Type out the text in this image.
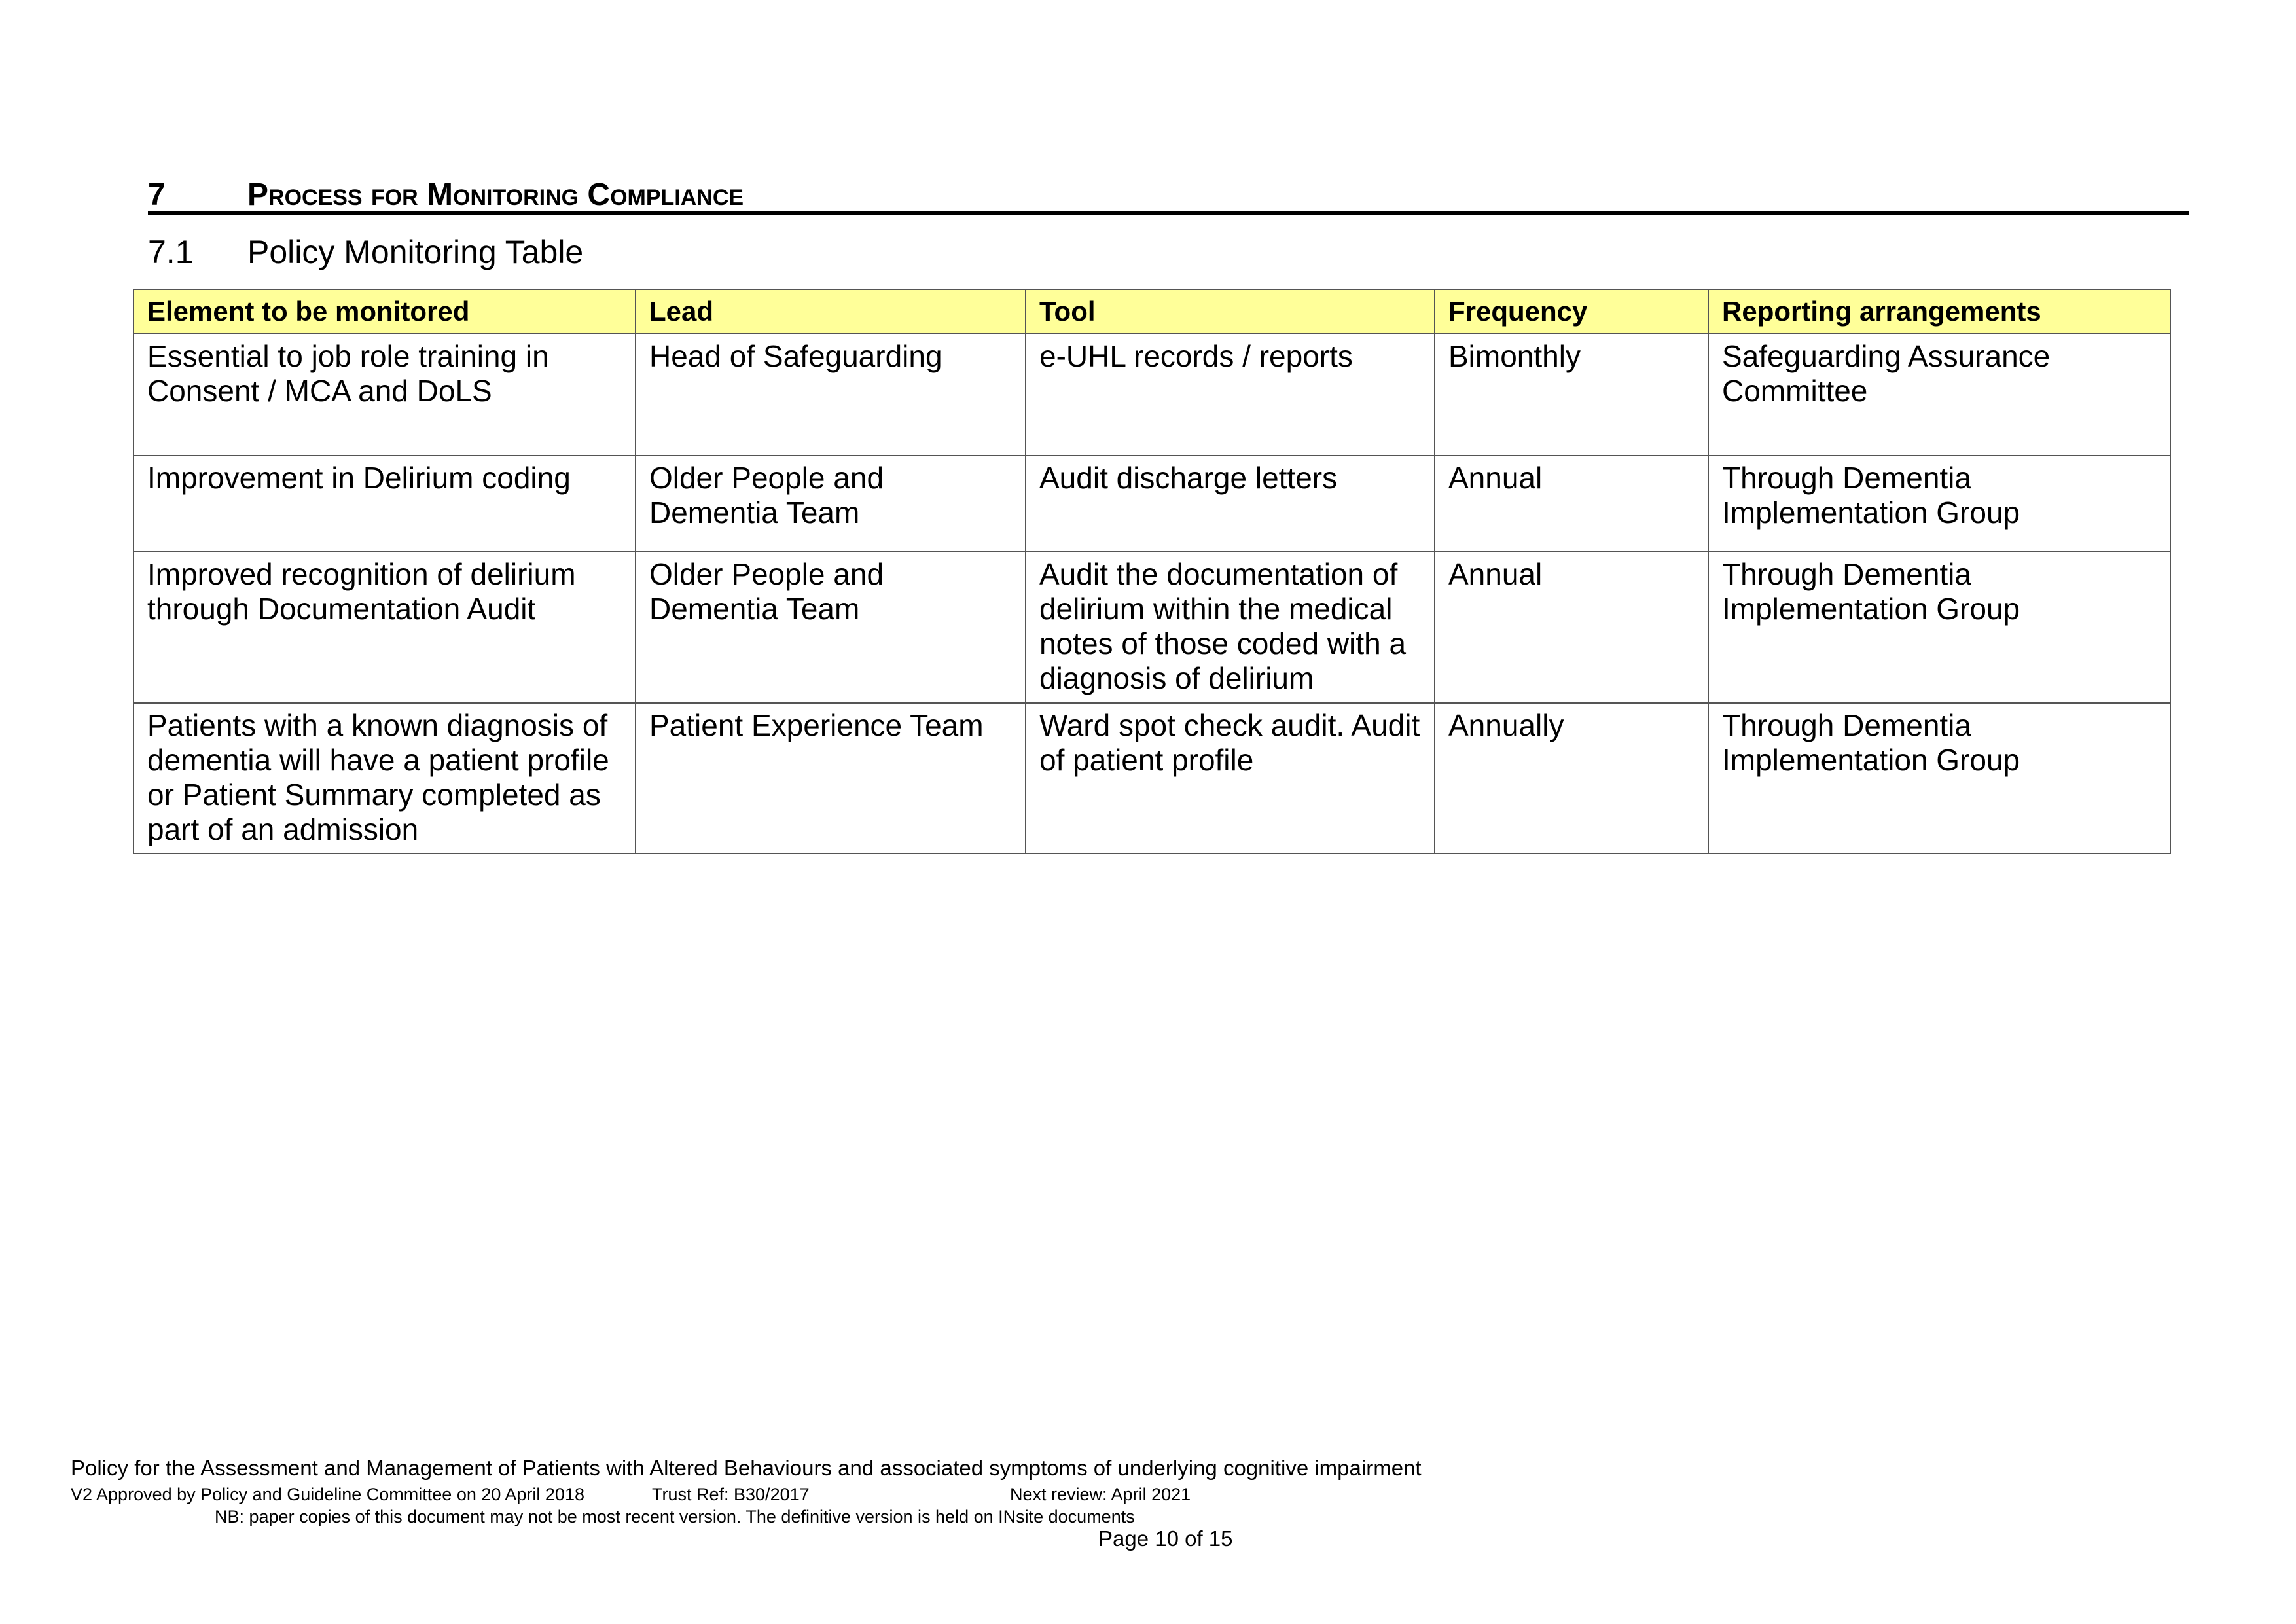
7	Process for Monitoring Compliance
7.1 Policy Monitoring Table
Element to be monitored	Lead	Tool	Frequency	Reporting arrangements
Essential to job role training in Consent / MCA and DoLS	Head of Safeguarding	e-UHL records / reports	Bimonthly	Safeguarding Assurance Committee
Improvement in Delirium coding	Older People and Dementia Team	Audit discharge letters	Annual	Through Dementia Implementation Group
Improved recognition of delirium through Documentation Audit	Older People and Dementia Team	Audit the documentation of delirium within the medical notes of those coded with a diagnosis of delirium	Annual	Through Dementia Implementation Group
Patients with a known diagnosis of dementia will have a patient profile or Patient Summary completed as part of an admission	Patient Experience Team	Ward spot check audit. Audit of patient profile	Annually	Through Dementia Implementation Group
Policy for the Assessment and Management of Patients with Altered Behaviours and associated symptoms of underlying cognitive impairment
V2 Approved by Policy and Guideline Committee on 20 April 2018	Trust Ref: B30/2017	Next review: April 2021
NB: paper copies of this document may not be most recent version. The definitive version is held on INsite documents
Page 10 of 15
